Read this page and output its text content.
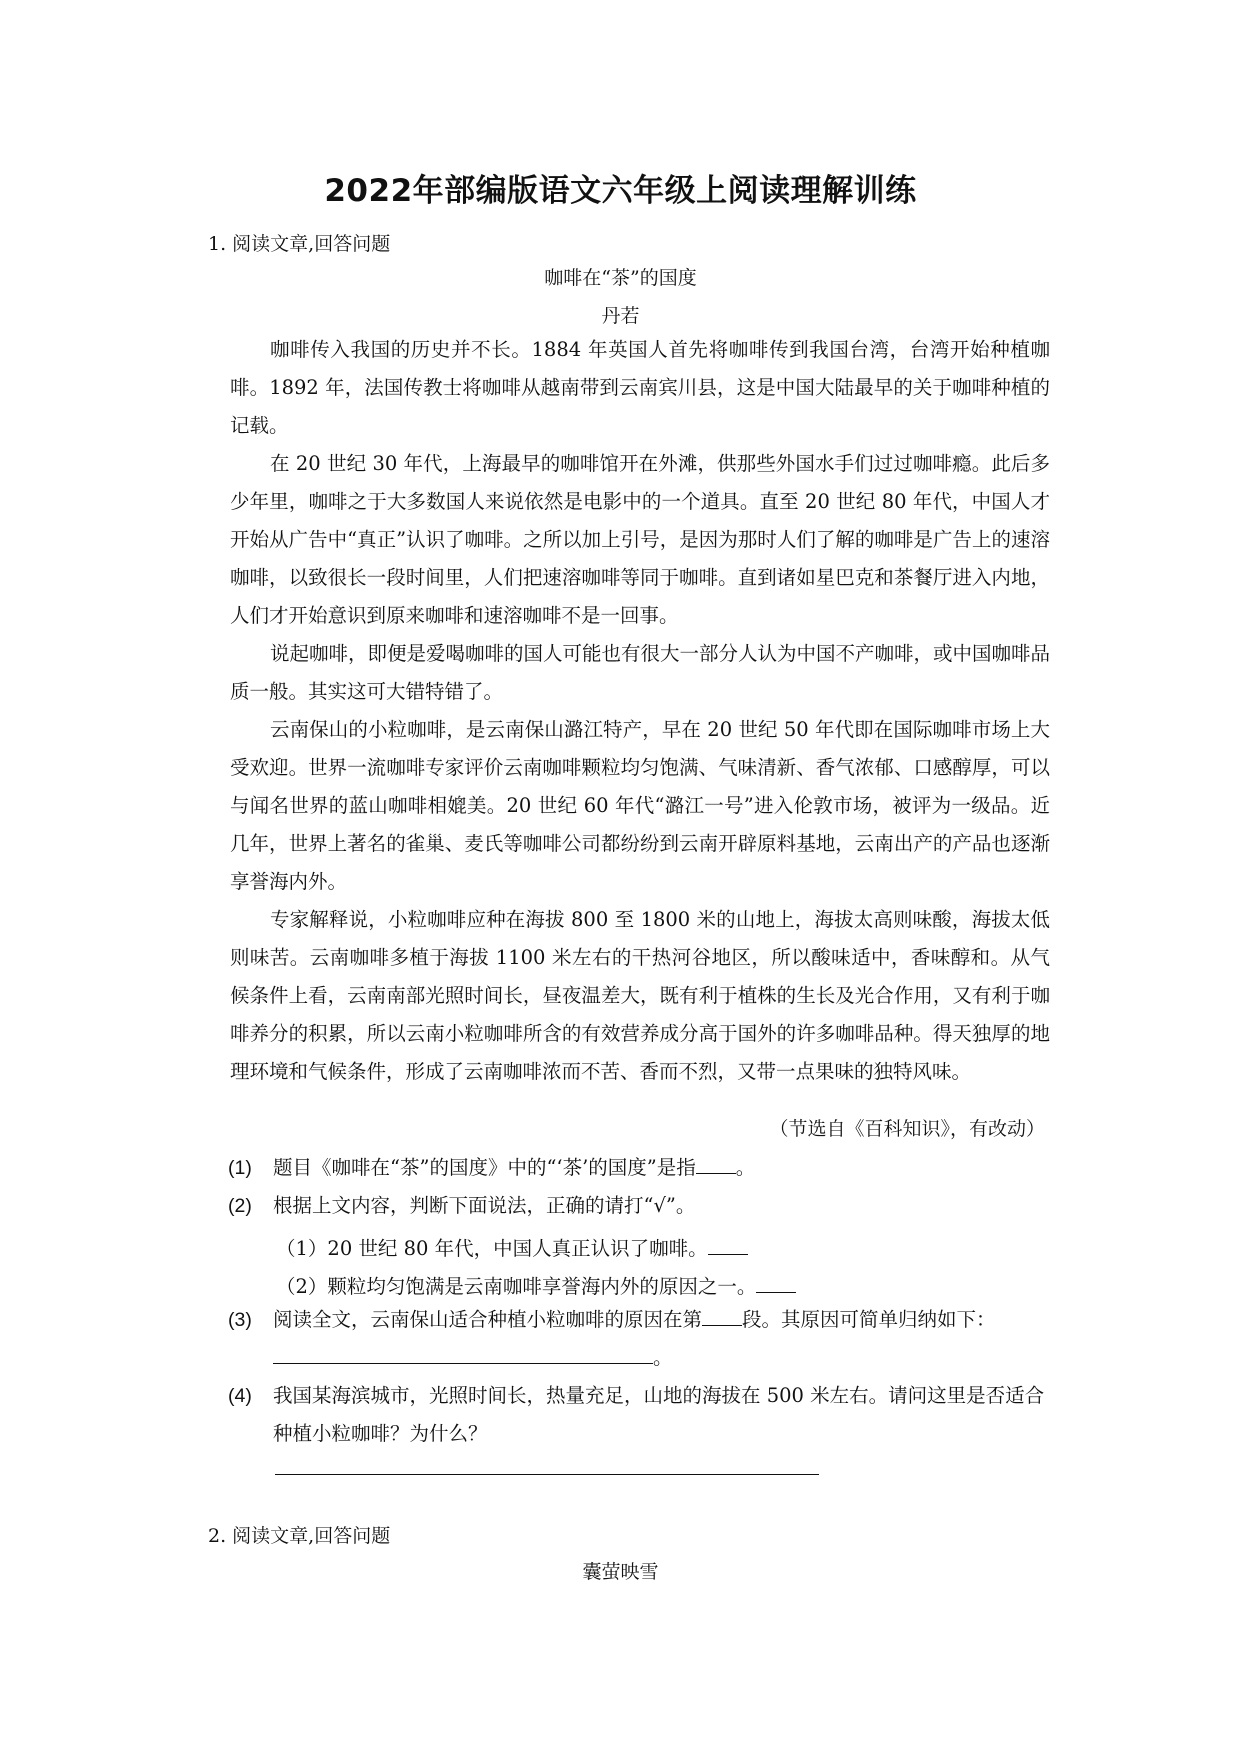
2022年部编版语文六年级上阅读理解训练
1. 阅读文章,回答问题
咖啡在“茶”的国度
丹若

咖啡传入我国的历史并不长。1884 年英国人首先将咖啡传到我国台湾，台湾开始种植咖啡。1892 年，法国传教士将咖啡从越南带到云南宾川县，这是中国大陆最早的关于咖啡种植的记载。

在 20 世纪 30 年代，上海最早的咖啡馆开在外滩，供那些外国水手们过过咖啡瘾。此后多少年里，咖啡之于大多数国人来说依然是电影中的一个道具。直至 20 世纪 80 年代，中国人才开始从广告中“真正”认识了咖啡。之所以加上引号，是因为那时人们了解的咖啡是广告上的速溶咖啡，以致很长一段时间里，人们把速溶咖啡等同于咖啡。直到诸如星巴克和茶餐厅进入内地，人们才开始意识到原来咖啡和速溶咖啡不是一回事。

说起咖啡，即便是爱喝咖啡的国人可能也有很大一部分人认为中国不产咖啡，或中国咖啡品质一般。其实这可大错特错了。

云南保山的小粒咖啡，是云南保山潞江特产，早在 20 世纪 50 年代即在国际咖啡市场上大受欢迎。世界一流咖啡专家评价云南咖啡颗粒均匀饱满、气味清新、香气浓郁、口感醇厚，可以与闻名世界的蓝山咖啡相媲美。20 世纪 60 年代“潞江一号”进入伦敦市场，被评为一级品。近几年，世界上著名的雀巢、麦氏等咖啡公司都纷纷到云南开辟原料基地，云南出产的产品也逐渐享誉海内外。

专家解释说，小粒咖啡应种在海拔 800 至 1800 米的山地上，海拔太高则味酸，海拔太低则味苦。云南咖啡多植于海拔 1100 米左右的干热河谷地区，所以酸味适中，香味醇和。从气候条件上看，云南南部光照时间长，昼夜温差大，既有利于植株的生长及光合作用，又有利于咖啡养分的积累，所以云南小粒咖啡所含的有效营养成分高于国外的许多咖啡品种。得天独厚的地理环境和气候条件，形成了云南咖啡浓而不苦、香而不烈，又带一点果味的独特风味。

（节选自《百科知识》，有改动）
(1)	题目《咖啡在“茶”的国度》中的“‘茶’的国度”是指 。
(2)	根据上文内容，判断下面说法，正确的请打“√”。
（1）20 世纪 80 年代，中国人真正认识了咖啡。
（2）颗粒均匀饱满是云南咖啡享誉海内外的原因之一。
(3)	阅读全文，云南保山适合种植小粒咖啡的原因在第 段。其原因可简单归纳如下：。
(4)	我国某海滨城市，光照时间长，热量充足，山地的海拔在 500 米左右。请问这里是否适合种植小粒咖啡？为什么？
2. 阅读文章,回答问题
囊萤映雪
